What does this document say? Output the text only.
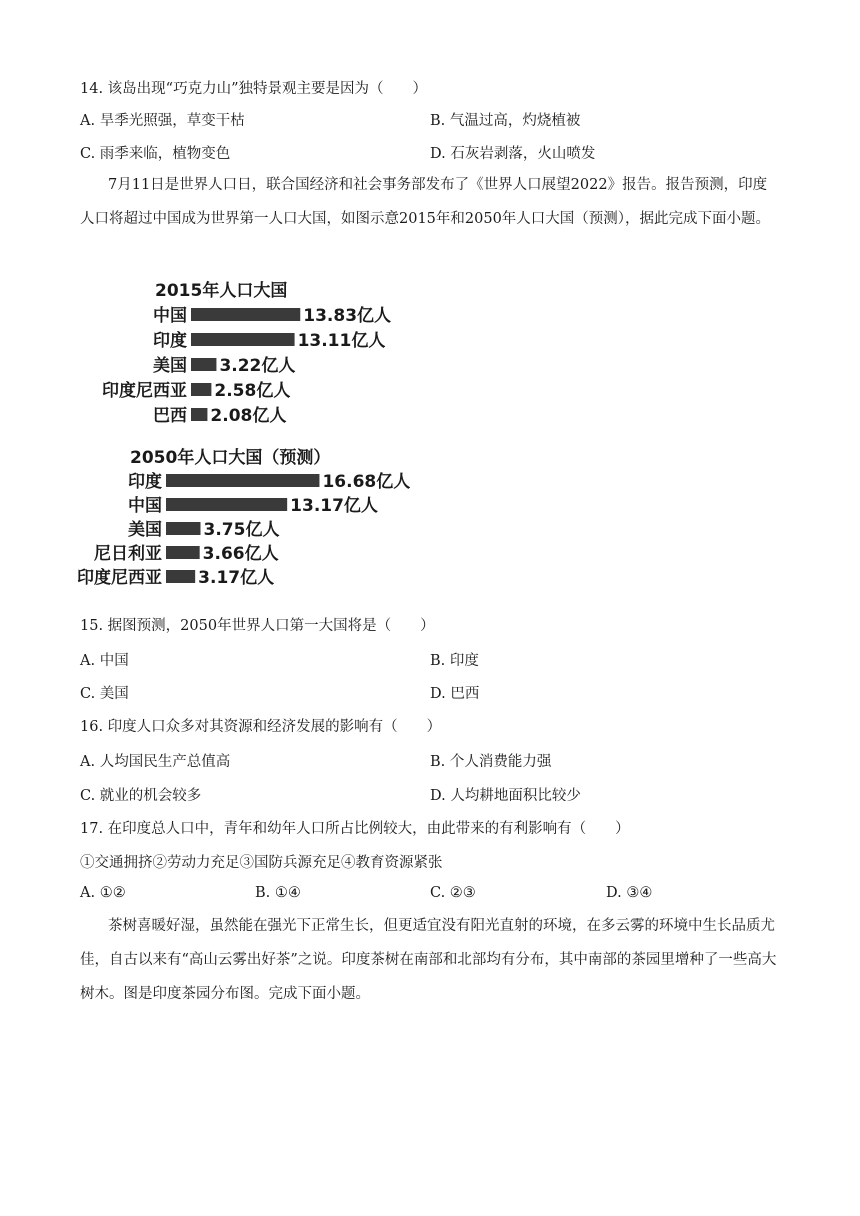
14. 该岛出现“巧克力山”独特景观主要是因为（　　）
A. 旱季光照强，草变干枯	B. 气温过高，灼烧植被
C. 雨季来临，植物变色	D. 石灰岩剥落，火山喷发
7月11日是世界人口日，联合国经济和社会事务部发布了《世界人口展望2022》报告。报告预测，印度人口将超过中国成为世界第一人口大国，如图示意2015年和2050年人口大国（预测），据此完成下面小题。
2015年人口大国
中国	13.83亿人
印度	13.11亿人
美国 3.22亿人
印度尼西亚 2.58亿人
巴西 2.08亿人
2050年人口大国（预测）
印度	16.68亿人
中国	13.17亿人
美国 3.75亿人
尼日利亚 3.66亿人
印度尼西亚 3.17亿人
15. 据图预测，2050年世界人口第一大国将是（　　）
A. 中国	B. 印度
C. 美国	D. 巴西
16. 印度人口众多对其资源和经济发展的影响有（　　）
A. 人均国民生产总值高	B. 个人消费能力强
C. 就业的机会较多	D. 人均耕地面积比较少
17. 在印度总人口中，青年和幼年人口所占比例较大，由此带来的有利影响有（　　）
①交通拥挤②劳动力充足③国防兵源充足④教育资源紧张
A. ①②	B. ①④	C. ②③	D. ③④
茶树喜暖好湿，虽然能在强光下正常生长，但更适宜没有阳光直射的环境，在多云雾的环境中生长品质尤佳，自古以来有“高山云雾出好茶”之说。印度茶树在南部和北部均有分布，其中南部的茶园里增种了一些高大树木。图是印度茶园分布图。完成下面小题。
